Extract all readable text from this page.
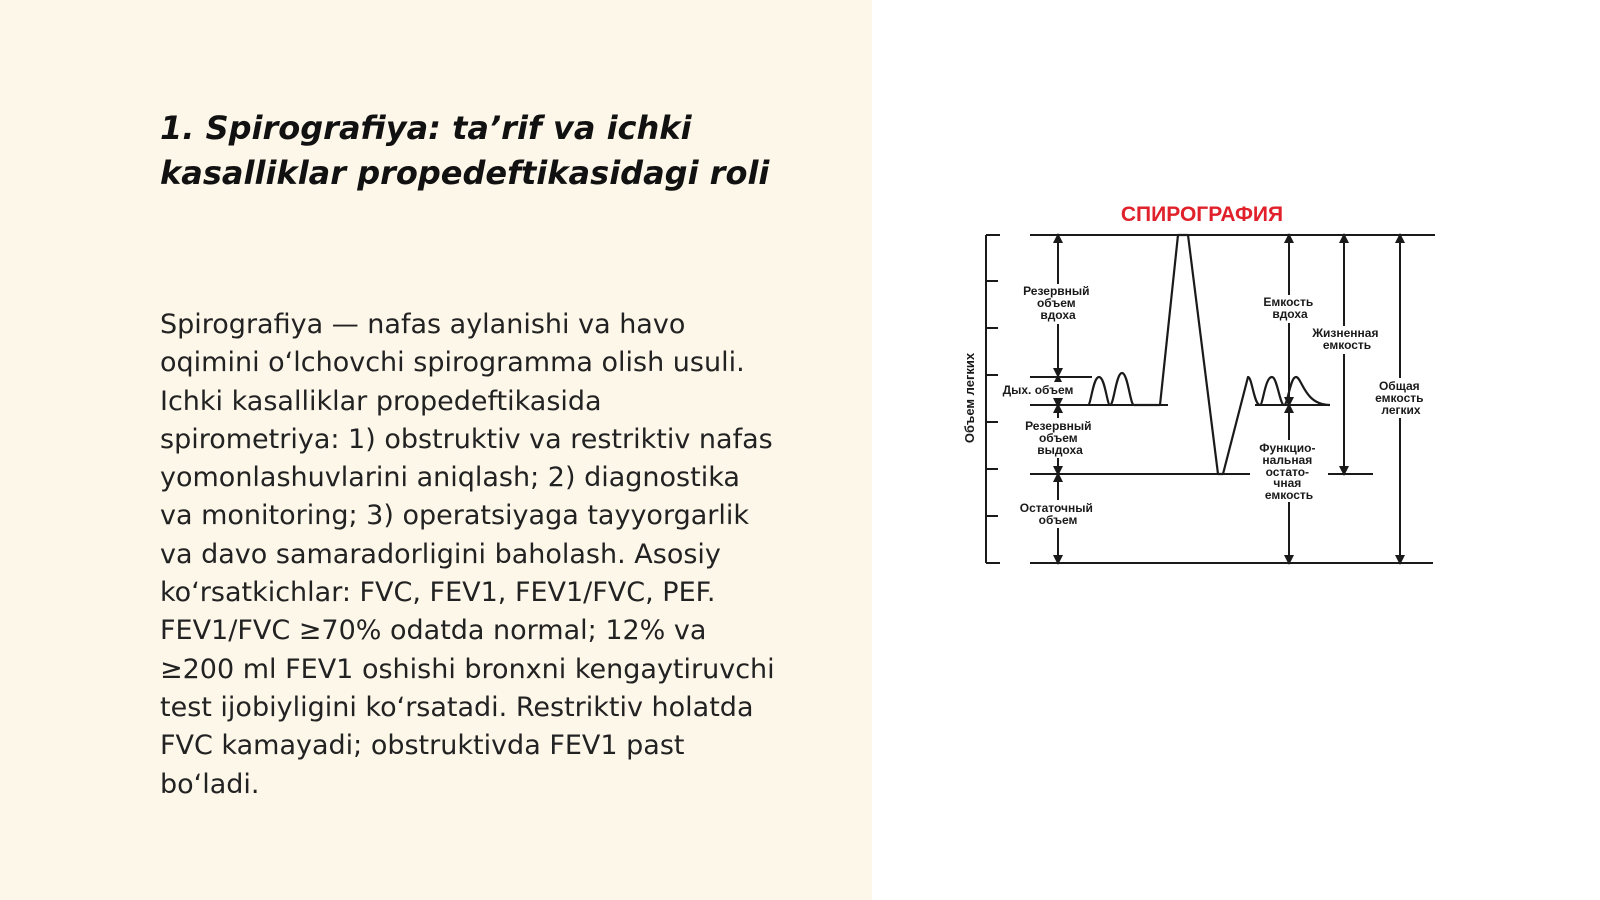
1. Spirografiya: ta’rif va ichki
kasalliklar propedeftikasidagi roli
Spirografiya — nafas aylanishi va havo
oqimini oʻlchovchi spirogramma olish usuli.
Ichki kasalliklar propedeftikasida
spirometriya: 1) obstruktiv va restriktiv nafas
yomonlashuvlarini aniqlash; 2) diagnostika
va monitoring; 3) operatsiyaga tayyorgarlik
va davo samaradorligini baholash. Asosiy
koʻrsatkichlar: FVC, FEV1, FEV1/FVC, PEF.
FEV1/FVC ≥70% odatda normal; 12% va
≥200 ml FEV1 oshishi bronxni kengaytiruvchi
test ijobiyligini koʻrsatadi. Restriktiv holatda
FVC kamayadi; obstruktivda FEV1 past
boʻladi.
СПИРОГРАФИЯ
Объем легких
Резервный объем вдоха
Дых. объем
Резервный объем выдоха
Остаточный объем
Емкость вдоха
Жизненная емкость
Функцио- нальная остато- чная емкость
Общая емкость легких
